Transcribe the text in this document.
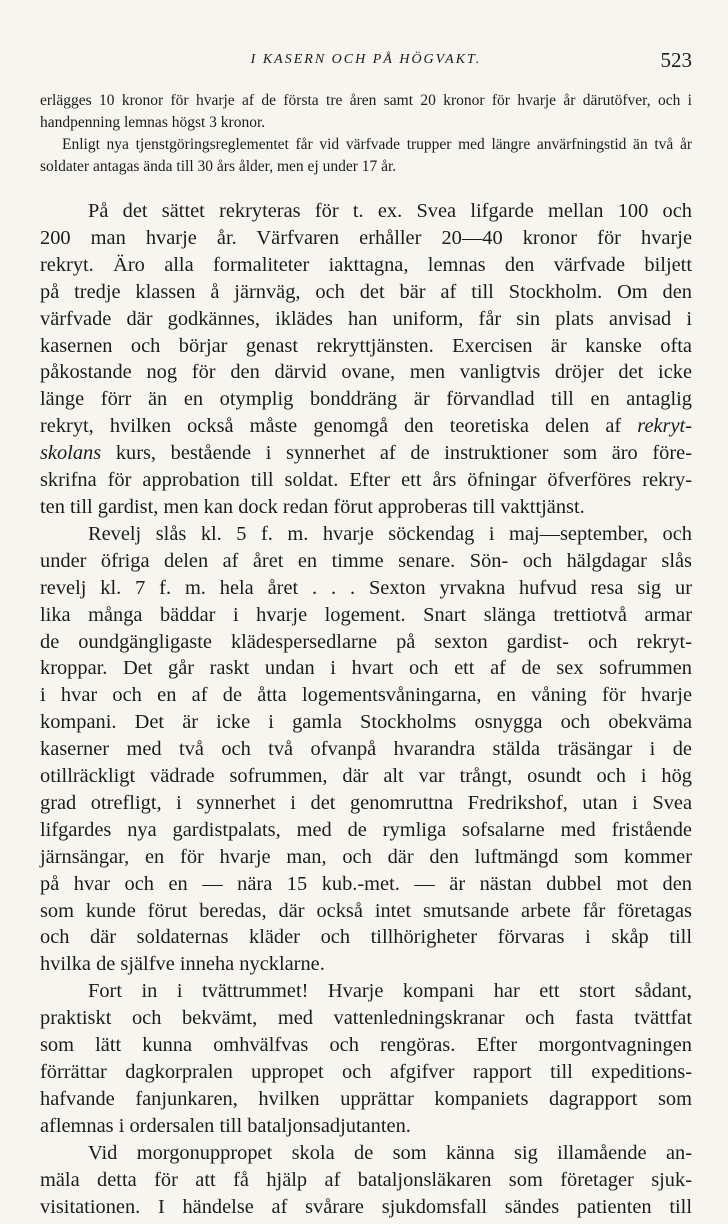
I KASERN OCH PÅ HÖGVAKT.	523

erlägges 10 kronor för hvarje af de första tre åren samt 20 kronor för hvarje år därutöfver, och i handpenning lemnas högst 3 kronor.

Enligt nya tjenstgöringsreglementet får vid värfvade trupper med längre anvärfningstid än två år soldater antagas ända till 30 års ålder, men ej under 17 år.

På det sättet rekryteras för t. ex. Svea lifgarde mellan 100 och
200 man hvarje år. Värfvaren erhåller 20—40 kronor för hvarje
rekryt. Äro alla formaliteter iakttagna, lemnas den värfvade biljett
på tredje klassen å järnväg, och det bär af till Stockholm. Om den
värfvade där godkännes, iklädes han uniform, får sin plats anvisad i
kasernen och börjar genast rekryttjänsten. Exercisen är kanske ofta
påkostande nog för den därvid ovane, men vanligtvis dröjer det icke
länge förr än en otymplig bonddräng är förvandlad till en antaglig
rekryt, hvilken också måste genomgå den teoretiska delen af rekryt-
skolans kurs, bestående i synnerhet af de instruktioner som äro före-
skrifna för approbation till soldat. Efter ett års öfningar öfverföres rekry-
ten till gardist, men kan dock redan förut approberas till vakttjänst.
Revelj slås kl. 5 f. m. hvarje söckendag i maj—september, och
under öfriga delen af året en timme senare. Sön- och hälgdagar slås
revelj kl. 7 f. m. hela året . . . Sexton yrvakna hufvud resa sig ur
lika många bäddar i hvarje logement. Snart slänga trettiotvå armar
de oundgängligaste klädespersedlarne på sexton gardist- och rekryt-
kroppar. Det går raskt undan i hvart och ett af de sex sofrummen
i hvar och en af de åtta logementsvåningarna, en våning för hvarje
kompani. Det är icke i gamla Stockholms osnygga och obekväma
kaserner med två och två ofvanpå hvarandra stälda träsängar i de
otillräckligt vädrade sofrummen, där alt var trångt, osundt och i hög
grad otrefligt, i synnerhet i det genomruttna Fredrikshof, utan i Svea
lifgardes nya gardistpalats, med de rymliga sofsalarne med fristående
järnsängar, en för hvarje man, och där den luftmängd som kommer
på hvar och en — nära 15 kub.-met. — är nästan dubbel mot den
som kunde förut beredas, där också intet smutsande arbete får företagas
och där soldaternas kläder och tillhörigheter förvaras i skåp till
hvilka de själfve inneha nycklarne.
Fort in i tvättrummet! Hvarje kompani har ett stort sådant,
praktiskt och bekvämt, med vattenledningskranar och fasta tvättfat
som lätt kunna omhvälfvas och rengöras. Efter morgontvagningen
förrättar dagkorpralen uppropet och afgifver rapport till expeditions-
hafvande fanjunkaren, hvilken upprättar kompaniets dagrapport som
aflemnas i ordersalen till bataljonsadjutanten.
Vid morgonuppropet skola de som känna sig illamående an-
mäla detta för att få hjälp af bataljonsläkaren som företager sjuk-
visitationen. I händelse af svårare sjukdomsfall sändes patienten till
